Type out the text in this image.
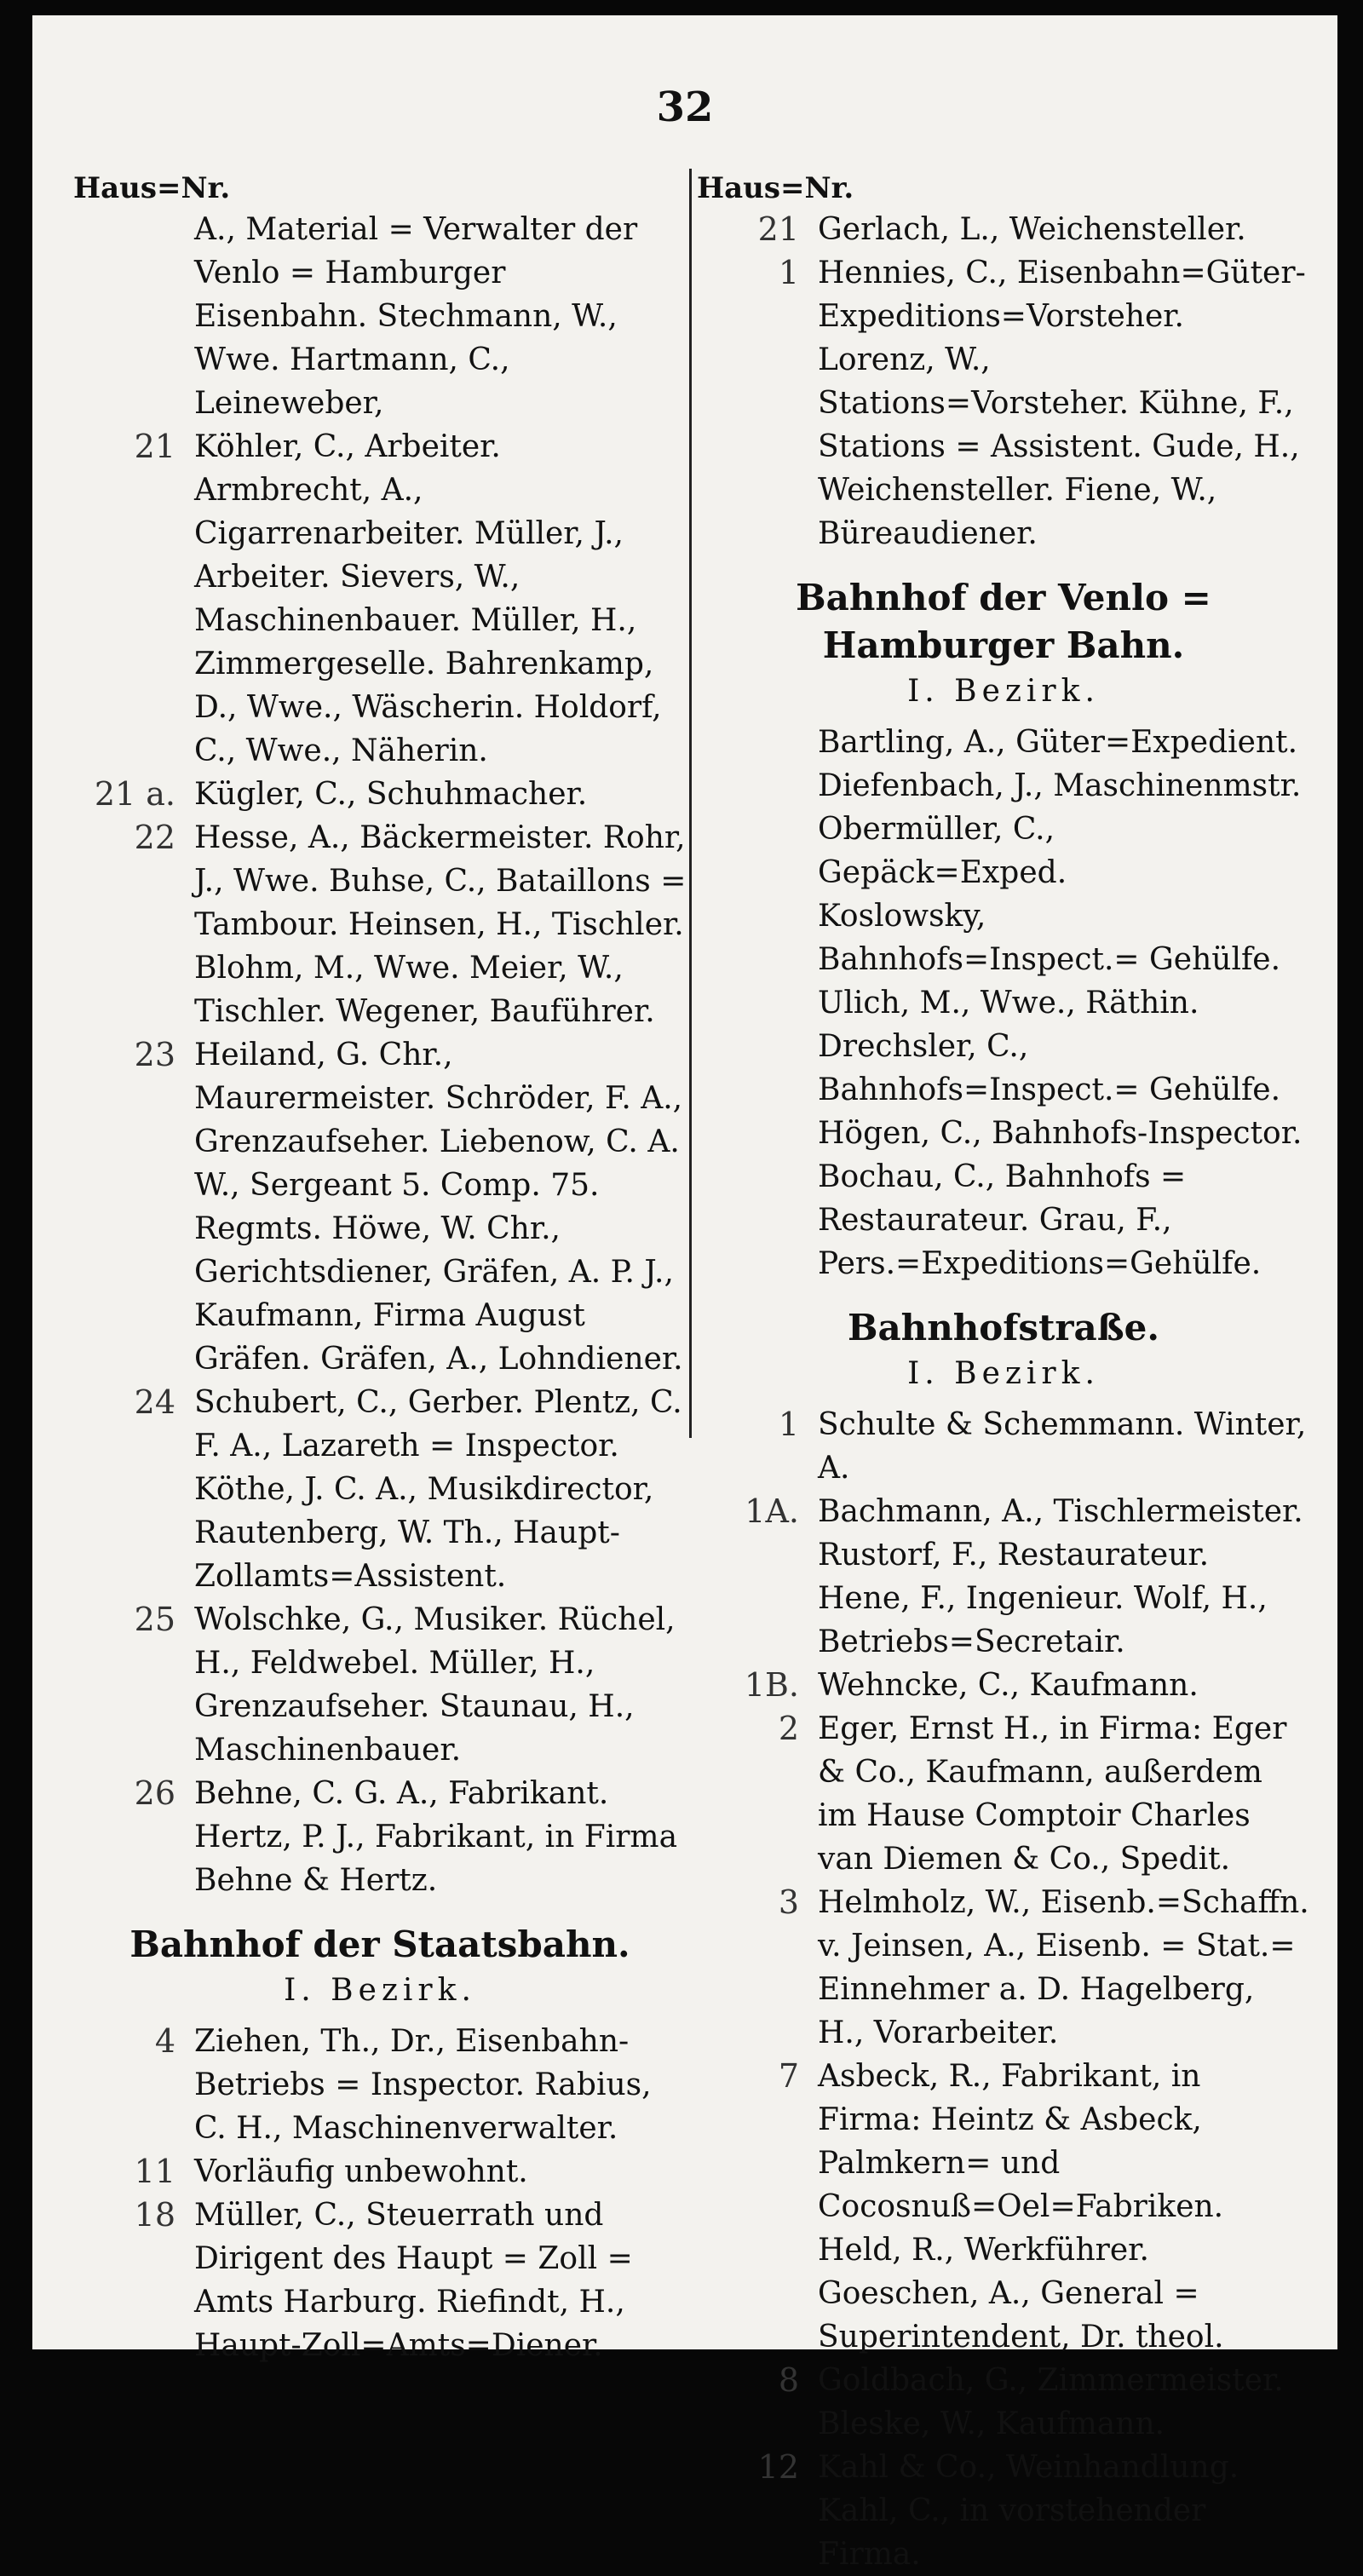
32
Haus=Nr.
A., Material = Verwalter der Venlo = Hamburger Eisenbahn. Stechmann, W., Wwe. Hartmann, C., Leineweber,
21 Köhler, C., Arbeiter. Armbrecht, A., Cigarrenarbeiter. Müller, J., Arbeiter. Sievers, W., Maschinenbauer. Müller, H., Zimmergeselle. Bahrenkamp, D., Wwe., Wäscherin. Holdorf, C., Wwe., Näherin.
21 a. Kügler, C., Schuhmacher.
22 Hesse, A., Bäckermeister. Rohr, J., Wwe. Buhse, C., Bataillons = Tambour. Heinsen, H., Tischler. Blohm, M., Wwe. Meier, W., Tischler. Wegener, Bauführer.
23 Heiland, G. Chr., Maurermeister. Schröder, F. A., Grenzaufseher. Liebenow, C. A. W., Sergeant 5. Comp. 75. Regmts. Höwe, W. Chr., Gerichtsdiener, Gräfen, A. P. J., Kaufmann, Firma August Gräfen. Gräfen, A., Lohndiener.
24 Schubert, C., Gerber. Plentz, C. F. A., Lazareth = Inspector. Köthe, J. C. A., Musikdirector, Rautenberg, W. Th., Haupt-Zollamts=Assistent.
25 Wolschke, G., Musiker. Rüchel, H., Feldwebel. Müller, H., Grenzaufseher. Staunau, H., Maschinenbauer.
26 Behne, C. G. A., Fabrikant. Hertz, P. J., Fabrikant, in Firma Behne & Hertz.
Bahnhof der Staatsbahn.
I. Bezirk.
4 Ziehen, Th., Dr., Eisenbahn-Betriebs = Inspector. Rabius, C. H., Maschinenverwalter.
11 Vorläufig unbewohnt.
18 Müller, C., Steuerrath und Dirigent des Haupt = Zoll = Amts Harburg. Riefindt, H., Haupt-Zoll=Amts=Diener.
Haus=Nr.
21 Gerlach, L., Weichensteller.
1 Hennies, C., Eisenbahn=Güter-Expeditions=Vorsteher. Lorenz, W., Stations=Vorsteher. Kühne, F., Stations = Assistent. Gude, H., Weichensteller. Fiene, W., Büreaudiener.
Bahnhof der Venlo = Hamburger Bahn.
I. Bezirk.
Bartling, A., Güter=Expedient.
Diefenbach, J., Maschinenmstr.
Obermüller, C., Gepäck=Exped.
Koslowsky, Bahnhofs=Inspect.= Gehülfe. Ulich, M., Wwe., Räthin.
Drechsler, C., Bahnhofs=Inspect.= Gehülfe. Högen, C., Bahnhofs-Inspector. Bochau, C., Bahnhofs = Restaurateur. Grau, F., Pers.=Expeditions=Gehülfe.
Bahnhofstraße.
I. Bezirk.
1 Schulte & Schemmann. Winter, A.
1A. Bachmann, A., Tischlermeister. Rustorf, F., Restaurateur. Hene, F., Ingenieur. Wolf, H., Betriebs=Secretair.
1B. Wehncke, C., Kaufmann.
2 Eger, Ernst H., in Firma: Eger & Co., Kaufmann, außerdem im Hause Comptoir Charles van Diemen & Co., Spedit.
3 Helmholz, W., Eisenb.=Schaffn. v. Jeinsen, A., Eisenb. = Stat.= Einnehmer a. D. Hagelberg, H., Vorarbeiter.
7 Asbeck, R., Fabrikant, in Firma: Heintz & Asbeck, Palmkern= und Cocosnuß=Oel=Fabriken. Held, R., Werkführer. Goeschen, A., General = Superintendent, Dr. theol.
8 Goldbach, G., Zimmermeister. Bleske, W., Kaufmann.
12 Kahl & Co., Weinhandlung. Kahl, C., in vorstehender Firma.
